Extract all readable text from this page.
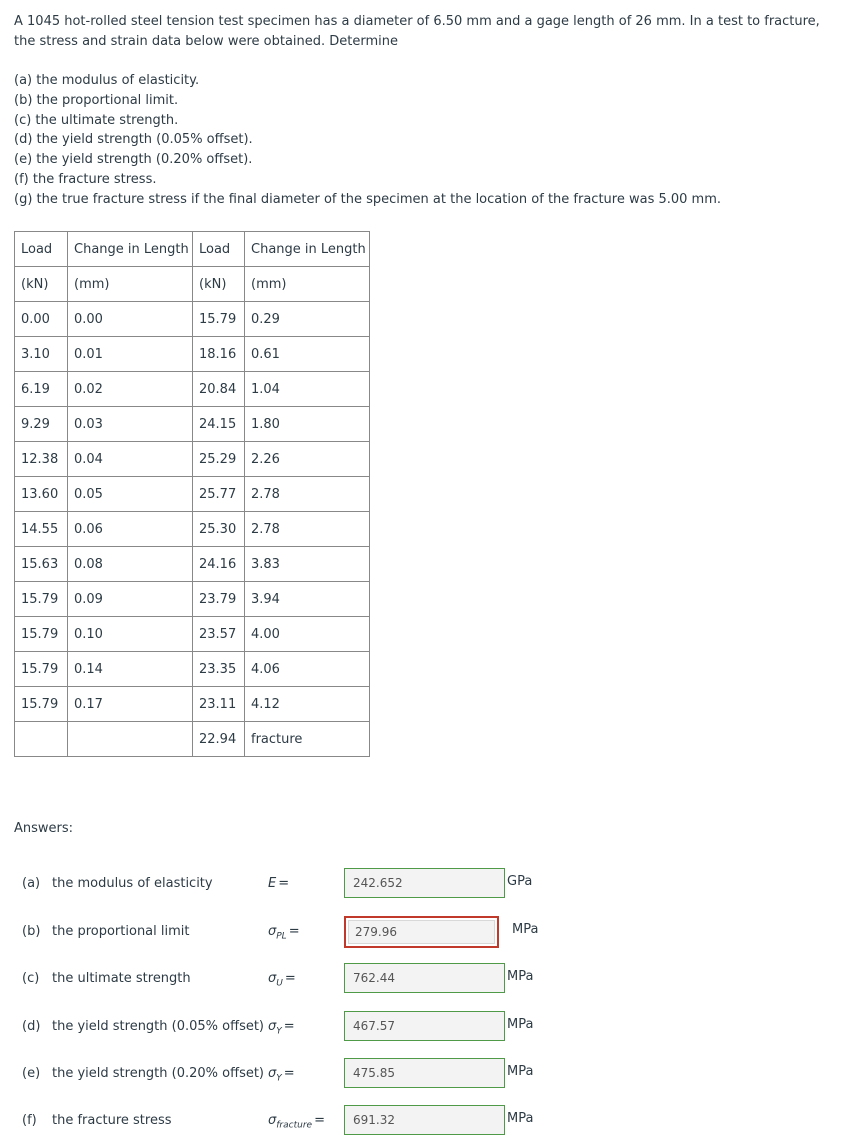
A 1045 hot-rolled steel tension test specimen has a diameter of 6.50 mm and a gage length of 26 mm. In a test to fracture, the stress and strain data below were obtained. Determine

(a) the modulus of elasticity.
(b) the proportional limit.
(c) the ultimate strength.
(d) the yield strength (0.05% offset).
(e) the yield strength (0.20% offset).
(f) the fracture stress.
(g) the true fracture stress if the final diameter of the specimen at the location of the fracture was 5.00 mm.
Load	Change in Length	Load	Change in Length
(kN)	(mm)	(kN)	(mm)
0.00	0.00	15.79	0.29
3.10	0.01	18.16	0.61
6.19	0.02	20.84	1.04
9.29	0.03	24.15	1.80
12.38	0.04	25.29	2.26
13.60	0.05	25.77	2.78
14.55	0.06	25.30	2.78
15.63	0.08	24.16	3.83
15.79	0.09	23.79	3.94
15.79	0.10	23.57	4.00
15.79	0.14	23.35	4.06
15.79	0.17	23.11	4.12
		22.94	fracture
Answers:
(a) the modulus of elasticity	E =	242.652	GPa
(b) the proportional limit	$\sigma_{PL}$ =	279.96	MPa
(c) the ultimate strength	$\sigma_U$ =	762.44	MPa
(d) the yield strength (0.05% offset) $\sigma_Y$ =	467.57	MPa
(e) the yield strength (0.20% offset) $\sigma_Y$ =	475.85	MPa
(f) the fracture stress	$\sigma_{fracture}$ =	691.32	MPa
